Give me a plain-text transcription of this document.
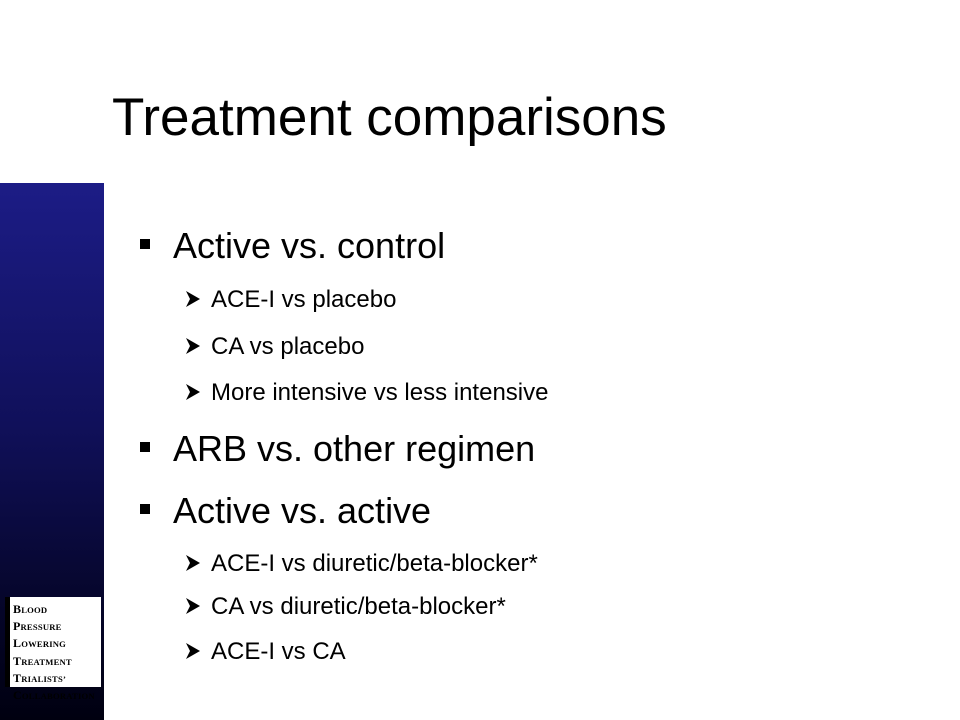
BLOOD
PRESSURE
LOWERING
TREATMENT
TRIALISTS’
COLLABORATION
Treatment comparisons
Active vs. control
ACE-I vs placebo
CA vs placebo
More intensive vs less intensive
ARB vs. other regimen
Active vs. active
ACE-I vs diuretic/beta-blocker*
CA vs diuretic/beta-blocker*
ACE-I vs CA
